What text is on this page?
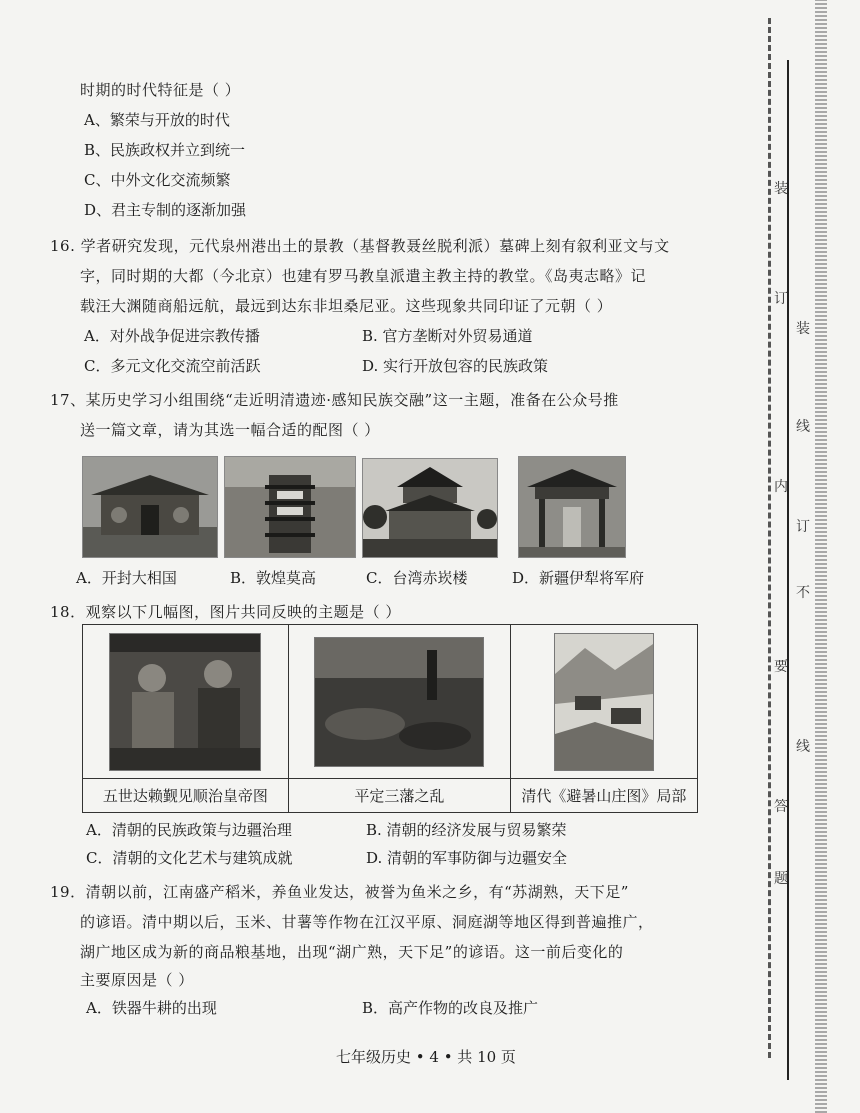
时期的时代特征是（ ）
A、繁荣与开放的时代
B、民族政权并立到统一
C、中外文化交流频繁
D、君主专制的逐渐加强
16. 学者研究发现，元代泉州港出土的景教（基督教聂丝脱利派）墓碑上刻有叙利亚文与文
字，同时期的大都（今北京）也建有罗马教皇派遣主教主持的教堂。《岛夷志略》记
载汪大渊随商船远航，最远到达东非坦桑尼亚。这些现象共同印证了元朝（ ）
A．对外战争促进宗教传播	B. 官方垄断对外贸易通道
C．多元文化交流空前活跃	D. 实行开放包容的民族政策
17、某历史学习小组围绕“走近明清遗迹·感知民族交融”这一主题，准备在公众号推
送一篇文章，请为其选一幅合适的配图（ ）
A．开封大相国	B．敦煌莫高	C．台湾赤崁楼	D．新疆伊犁将军府
18．观察以下几幅图，图片共同反映的主题是（ ）

五世达赖觐见顺治皇帝图	平定三藩之乱	清代《避暑山庄图》局部
A．清朝的民族政策与边疆治理	B. 清朝的经济发展与贸易繁荣
C．清朝的文化艺术与建筑成就	D. 清朝的军事防御与边疆安全
19．清朝以前，江南盛产稻米，养鱼业发达，被誉为鱼米之乡，有“苏湖熟，天下足”
的谚语。清中期以后，玉米、甘薯等作物在江汉平原、洞庭湖等地区得到普遍推广，
湖广地区成为新的商品粮基地，出现“湖广熟，天下足”的谚语。这一前后变化的
主要原因是（ ）
A．铁器牛耕的出现	B．高产作物的改良及推广
七年级历史 • 4 • 共 10 页
装
订
装
线
内
订
不
要
线
答
题
